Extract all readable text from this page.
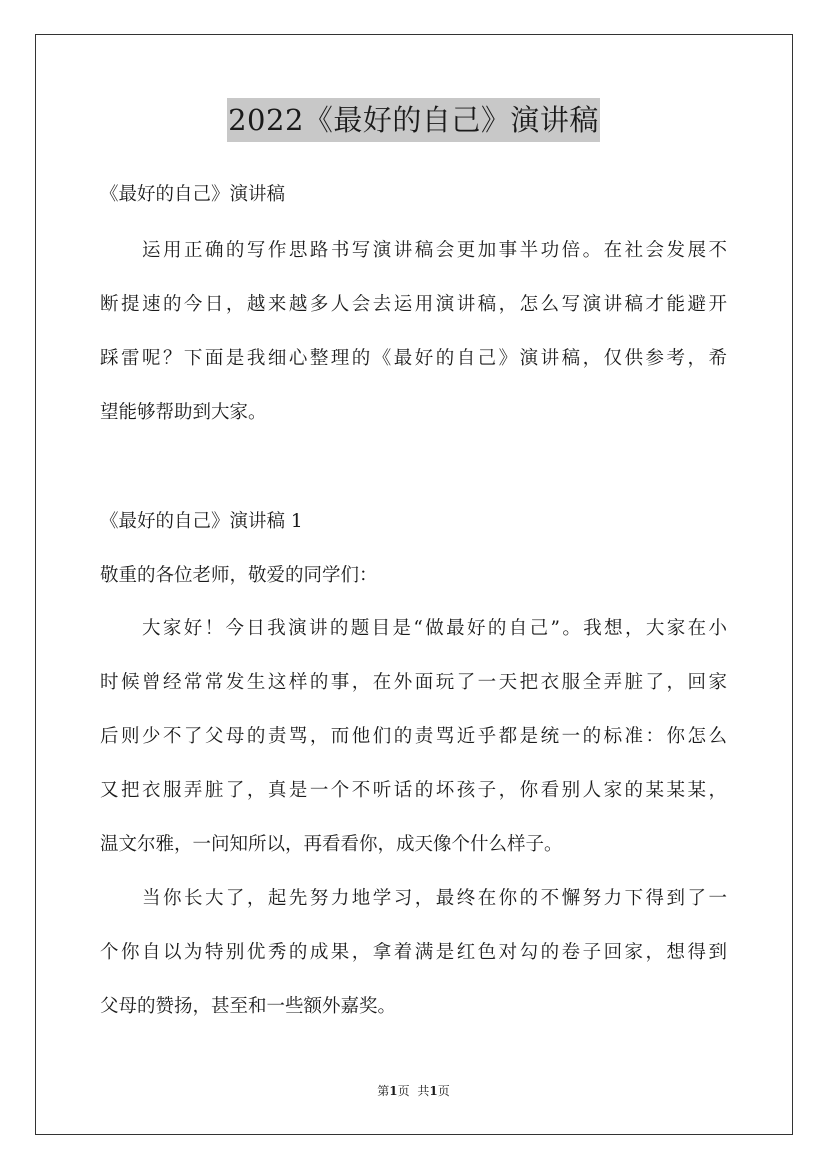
2022《最好的自己》演讲稿
《最好的自己》演讲稿
运用正确的写作思路书写演讲稿会更加事半功倍。在社会发展不
断提速的今日，越来越多人会去运用演讲稿，怎么写演讲稿才能避开
踩雷呢？下面是我细心整理的《最好的自己》演讲稿，仅供参考，希
望能够帮助到大家。
《最好的自己》演讲稿 1
敬重的各位老师，敬爱的同学们：
大家好！今日我演讲的题目是“做最好的自己”。我想，大家在小
时候曾经常常发生这样的事，在外面玩了一天把衣服全弄脏了，回家
后则少不了父母的责骂，而他们的责骂近乎都是统一的标准：你怎么
又把衣服弄脏了，真是一个不听话的坏孩子，你看别人家的某某某，
温文尔雅，一问知所以，再看看你，成天像个什么样子。
当你长大了，起先努力地学习，最终在你的不懈努力下得到了一
个你自以为特别优秀的成果，拿着满是红色对勾的卷子回家，想得到
父母的赞扬，甚至和一些额外嘉奖。
第1页 共1页
